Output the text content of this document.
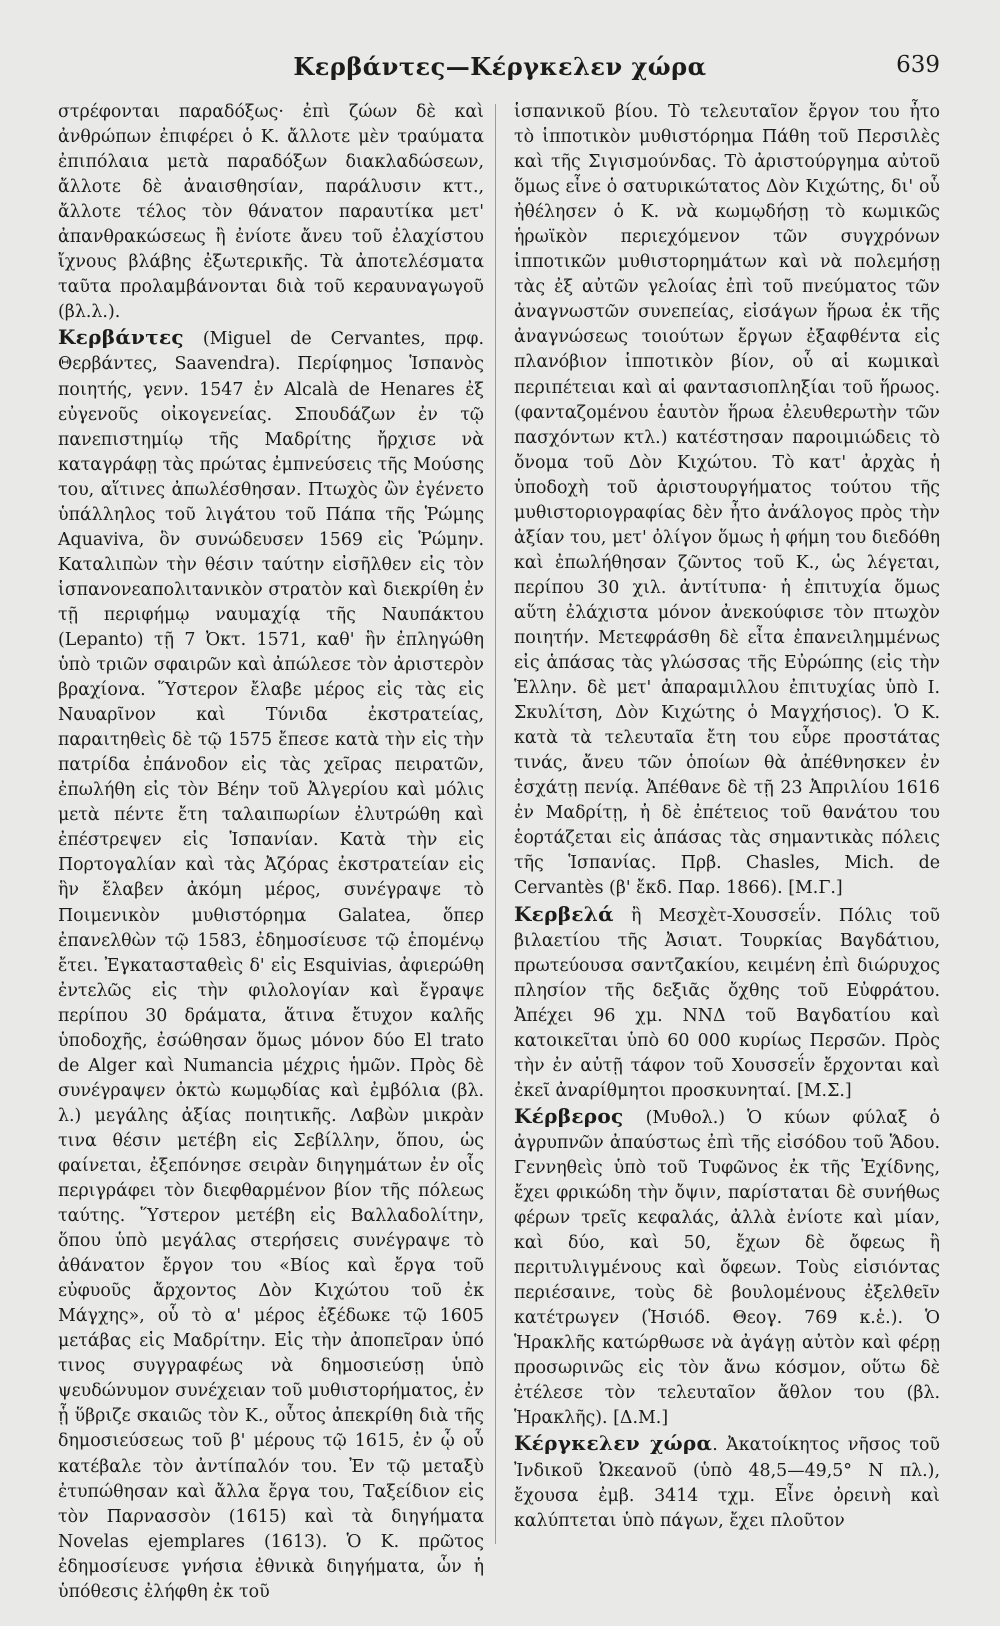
Κερβάντες—Κέργκελεν χώρα	639

στρέφονται παραδόξως· ἐπὶ ζώων δὲ καὶ ἀνθρώπων ἐπιφέρει ὁ Κ. ἄλλοτε μὲν τραύματα ἐπιπόλαια μετὰ παραδόξων διακλαδώσεων, ἄλλοτε δὲ ἀναισθησίαν, παράλυσιν κττ., ἄλλοτε τέλος τὸν θάνατον παραυτίκα μετ' ἀπανθρακώσεως ἢ ἐνίοτε ἄνευ τοῦ ἐλαχίστου ἴχνους βλάβης ἐξωτερικῆς. Τὰ ἀποτελέσματα ταῦτα προλαμβάνονται διὰ τοῦ κεραυναγωγοῦ (βλ.λ.).

Κερβάντες (Miguel de Cervantes, πρφ. Θερβάντες, Saavendra). Περίφημος Ἱσπανὸς ποιητής, γενν. 1547 ἐν Alcalà de Henares ἐξ εὐγενοῦς οἰκογενείας. Σπουδάζων ἐν τῷ πανεπιστημίῳ τῆς Μαδρίτης ἤρχισε νὰ καταγράφῃ τὰς πρώτας ἐμπνεύσεις τῆς Μούσης του, αἵτινες ἀπωλέσθησαν. Πτωχὸς ὢν ἐγένετο ὑπάλληλος τοῦ λιγάτου τοῦ Πάπα τῆς Ῥώμης Aquaviva, ὃν συνώδευσεν 1569 εἰς Ῥώμην. Καταλιπὼν τὴν θέσιν ταύτην εἰσῆλθεν εἰς τὸν ἱσπανονεαπολιτανικὸν στρατὸν καὶ διεκρίθη ἐν τῇ περιφήμῳ ναυμαχίᾳ τῆς Ναυπάκτου (Lepanto) τῇ 7 Ὀκτ. 1571, καθ' ἣν ἐπληγώθη ὑπὸ τριῶν σφαιρῶν καὶ ἀπώλεσε τὸν ἀριστερὸν βραχίονα. Ὕστερον ἔλαβε μέρος εἰς τὰς εἰς Ναυαρῖνον καὶ Τύνιδα ἐκστρατείας, παραιτηθεὶς δὲ τῷ 1575 ἔπεσε κατὰ τὴν εἰς τὴν πατρίδα ἐπάνοδον εἰς τὰς χεῖρας πειρατῶν, ἐπωλήθη εἰς τὸν Βέην τοῦ Ἀλγερίου καὶ μόλις μετὰ πέντε ἔτη ταλαιπωρίων ἐλυτρώθη καὶ ἐπέστρεψεν εἰς Ἱσπανίαν. Κατὰ τὴν εἰς Πορτογαλίαν καὶ τὰς Ἀζόρας ἐκστρατείαν εἰς ἣν ἔλαβεν ἀκόμη μέρος, συνέγραψε τὸ Ποιμενικὸν μυθιστόρημα Galatea, ὅπερ ἐπανελθὼν τῷ 1583, ἐδημοσίευσε τῷ ἑπομένῳ ἔτει. Ἐγκατασταθεὶς δ' εἰς Esquivias, ἀφιερώθη ἐντελῶς εἰς τὴν φιλολογίαν καὶ ἔγραψε περίπου 30 δράματα, ἅτινα ἔτυχον καλῆς ὑποδοχῆς, ἐσώθησαν ὅμως μόνον δύο El trato de Alger καὶ Numancia μέχρις ἡμῶν. Πρὸς δὲ συνέγραψεν ὀκτὼ κωμῳδίας καὶ ἐμβόλια (βλ. λ.) μεγάλης ἀξίας ποιητικῆς. Λαβὼν μικρὰν τινα θέσιν μετέβη εἰς Σεβίλλην, ὅπου, ὡς φαίνεται, ἐξεπόνησε σειρὰν διηγημάτων ἐν οἷς περιγράφει τὸν διεφθαρμένον βίον τῆς πόλεως ταύτης. Ὕστερον μετέβη εἰς Βαλλαδολίτην, ὅπου ὑπὸ μεγάλας στερήσεις συνέγραψε τὸ ἀθάνατον ἔργον του «Βίος καὶ ἔργα τοῦ εὐφυοῦς ἄρχοντος Δὸν Κιχώτου τοῦ ἐκ Μάγχης», οὗ τὸ α' μέρος ἐξέδωκε τῷ 1605 μετάβας εἰς Μαδρίτην. Εἰς τὴν ἀποπεῖραν ὑπό τινος συγγραφέως νὰ δημοσιεύσῃ ὑπὸ ψευδώνυμον συνέχειαν τοῦ μυθιστορήματος, ἐν ᾗ ὕβριζε σκαιῶς τὸν Κ., οὗτος ἀπεκρίθη διὰ τῆς δημοσιεύσεως τοῦ β' μέρους τῷ 1615, ἐν ᾧ οὗ κατέβαλε τὸν ἀντίπαλόν του. Ἐν τῷ μεταξὺ ἐτυπώθησαν καὶ ἄλλα ἔργα του, Ταξείδιον εἰς τὸν Παρνασσὸν (1615) καὶ τὰ διηγήματα Novelas ejemplares (1613). Ὁ Κ. πρῶτος ἐδημοσίευσε γνήσια ἐθνικὰ διηγήματα, ὧν ἡ ὑπόθεσις ἐλήφθη ἐκ τοῦ

ἱσπανικοῦ βίου. Τὸ τελευταῖον ἔργον του ἦτο τὸ ἱπποτικὸν μυθιστόρημα Πάθη τοῦ Περσιλὲς καὶ τῆς Σιγισμούνδας. Τὸ ἀριστούργημα αὐτοῦ ὅμως εἶνε ὁ σατυρικώτατος Δὸν Κιχώτης, δι' οὗ ἠθέλησεν ὁ Κ. νὰ κωμῳδήσῃ τὸ κωμικῶς ἡρωϊκὸν περιεχόμενον τῶν συγχρόνων ἱπποτικῶν μυθιστορημάτων καὶ νὰ πολεμήσῃ τὰς ἐξ αὐτῶν γελοίας ἐπὶ τοῦ πνεύματος τῶν ἀναγνωστῶν συνεπείας, εἰσάγων ἥρωα ἐκ τῆς ἀναγνώσεως τοιούτων ἔργων ἐξαφθέντα εἰς πλανόβιον ἱπποτικὸν βίον, οὗ αἱ κωμικαὶ περιπέτειαι καὶ αἱ φαντασιοπληξίαι τοῦ ἥρωος. (φανταζομένου ἑαυτὸν ἥρωα ἐλευθερωτὴν τῶν πασχόντων κτλ.) κατέστησαν παροιμιώδεις τὸ ὄνομα τοῦ Δὸν Κιχώτου. Τὸ κατ' ἀρχὰς ἡ ὑποδοχὴ τοῦ ἀριστουργήματος τούτου τῆς μυθιστοριογραφίας δὲν ἦτο ἀνάλογος πρὸς τὴν ἀξίαν του, μετ' ὀλίγον ὅμως ἡ φήμη του διεδόθη καὶ ἐπωλήθησαν ζῶντος τοῦ Κ., ὡς λέγεται, περίπου 30 χιλ. ἀντίτυπα· ἡ ἐπιτυχία ὅμως αὕτη ἐλάχιστα μόνον ἀνεκούφισε τὸν πτωχὸν ποιητήν. Μετεφράσθη δὲ εἶτα ἐπανειλημμένως εἰς ἁπάσας τὰς γλώσσας τῆς Εὐρώπης (εἰς τὴν Ἑλλην. δὲ μετ' ἀπαραμιλλου ἐπιτυχίας ὑπὸ Ι. Σκυλίτση, Δὸν Κιχώτης ὁ Μαγχήσιος). Ὁ Κ. κατὰ τὰ τελευταῖα ἔτη του εὗρε προστάτας τινάς, ἄνευ τῶν ὁποίων θὰ ἀπέθνησκεν ἐν ἐσχάτῃ πενίᾳ. Ἀπέθανε δὲ τῇ 23 Ἀπριλίου 1616 ἐν Μαδρίτῃ, ἡ δὲ ἐπέτειος τοῦ θανάτου του ἑορτάζεται εἰς ἁπάσας τὰς σημαντικὰς πόλεις τῆς Ἱσπανίας. Πρβ. Chasles, Mich. de Cervantès (β' ἔκδ. Παρ. 1866). [Μ.Γ.]

Κερβελά ἢ Μεσχὲτ-Χουσσεΐν. Πόλις τοῦ βιλαετίου τῆς Ἀσιατ. Τουρκίας Βαγδάτιου, πρωτεύουσα σαντζακίου, κειμένη ἐπὶ διώρυχος πλησίον τῆς δεξιᾶς ὄχθης τοῦ Εὐφράτου. Ἀπέχει 96 χμ. ΝΝΔ τοῦ Βαγδατίου καὶ κατοικεῖται ὑπὸ 60 000 κυρίως Περσῶν. Πρὸς τὴν ἐν αὐτῇ τάφον τοῦ Χουσσεΐν ἔρχονται καὶ ἐκεῖ ἀναρίθμητοι προσκυνηταί. [Μ.Σ.]

Κέρβερος (Μυθολ.) Ὁ κύων φύλαξ ὁ ἀγρυπνῶν ἀπαύστως ἐπὶ τῆς εἰσόδου τοῦ Ἅδου. Γεννηθεὶς ὑπὸ τοῦ Τυφῶνος ἐκ τῆς Ἐχίδνης, ἔχει φρικώδη τὴν ὄψιν, παρίσταται δὲ συνήθως φέρων τρεῖς κεφαλάς, ἀλλὰ ἐνίοτε καὶ μίαν, καὶ δύο, καὶ 50, ἔχων δὲ ὄφεως ἢ περιτυλιγμένους καὶ ὄφεων. Τοὺς εἰσιόντας περιέσαινε, τοὺς δὲ βουλομένους ἐξελθεῖν κατέτρωγεν (Ἡσιόδ. Θεογ. 769 κ.ἑ.). Ὁ Ἡρακλῆς κατώρθωσε νὰ ἀγάγῃ αὐτὸν καὶ φέρῃ προσωρινῶς εἰς τὸν ἄνω κόσμον, οὕτω δὲ ἐτέλεσε τὸν τελευταῖον ἄθλον του (βλ. Ἡρακλῆς). [Δ.Μ.]

Κέργκελεν χώρα. Ἀκατοίκητος νῆσος τοῦ Ἰνδικοῦ Ὠκεανοῦ (ὑπὸ 48,5—49,5° Ν πλ.), ἔχουσα ἐμβ. 3414 τχμ. Εἶνε ὀρεινὴ καὶ καλύπτεται ὑπὸ πάγων, ἔχει πλοῦτον
